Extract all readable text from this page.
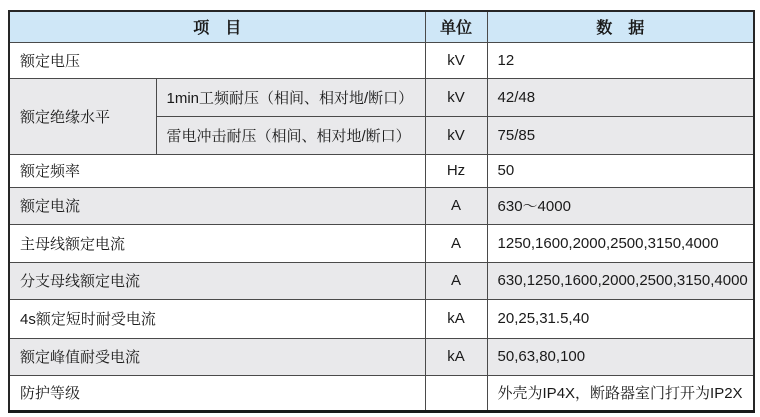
项　目		单位	数　据
额定电压		kV	12
额定绝缘水平	1min工频耐压（相间、相对地/断口）	kV	42/48
	雷电冲击耐压（相间、相对地/断口）	kV	75/85
额定频率		Hz	50
额定电流		A	630～4000
主母线额定电流		A	1250,1600,2000,2500,3150,4000
分支母线额定电流		A	630,1250,1600,2000,2500,3150,4000
4s额定短时耐受电流		kA	20,25,31.5,40
额定峰值耐受电流		kA	50,63,80,100
防护等级			外壳为IP4X，断路器室门打开为IP2X
